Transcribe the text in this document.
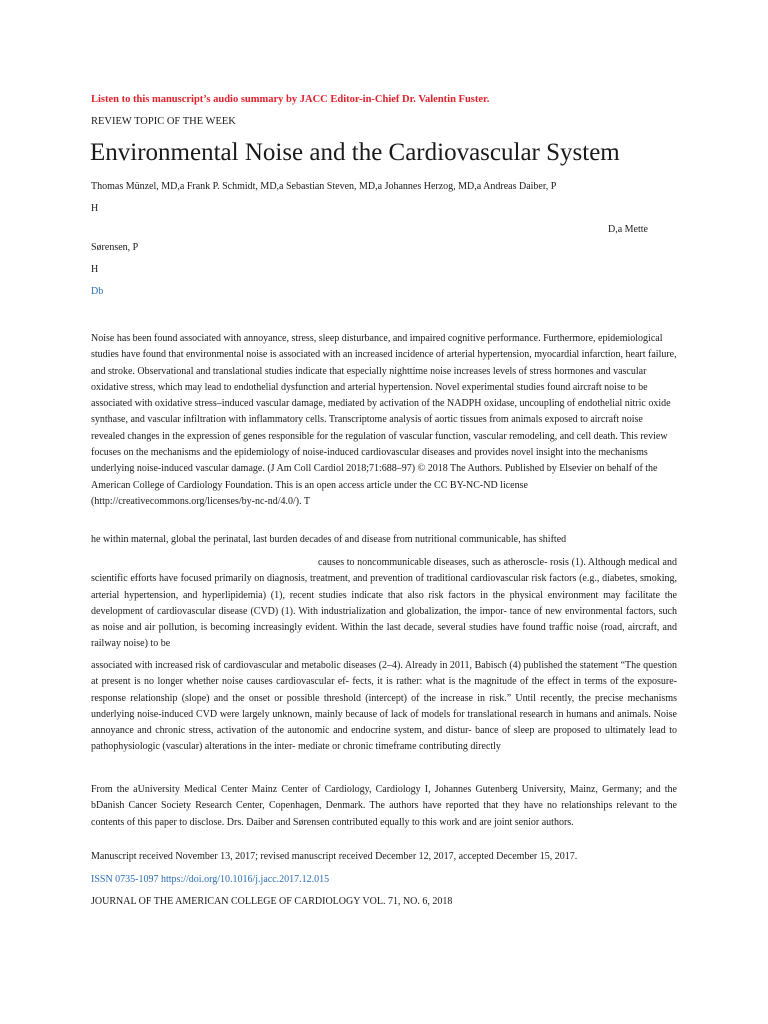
Listen to this manuscript’s audio summary by JACC Editor-in-Chief Dr. Valentin Fuster.
REVIEW TOPIC OF THE WEEK
Environmental Noise and the Cardiovascular System
Thomas Münzel, MD,a Frank P. Schmidt, MD,a Sebastian Steven, MD,a Johannes Herzog, MD,a Andreas Daiber, P
H
D,a Mette
Sørensen, P
H
Db

Noise has been found associated with annoyance, stress, sleep disturbance, and impaired cognitive performance. Furthermore, epidemiological studies have found that environmental noise is associated with an increased incidence of arterial hypertension, myocardial infarction, heart failure, and stroke. Observational and translational studies indicate that especially nighttime noise increases levels of stress hormones and vascular oxidative stress, which may lead to endothelial dysfunction and arterial hypertension. Novel experimental studies found aircraft noise to be associated with oxidative stress–induced vascular damage, mediated by activation of the NADPH oxidase, uncoupling of endothelial nitric oxide synthase, and vascular infiltration with inflammatory cells. Transcriptome analysis of aortic tissues from animals exposed to aircraft noise revealed changes in the expression of genes responsible for the regulation of vascular function, vascular remodeling, and cell death. This review focuses on the mechanisms and the epidemiology of noise-induced cardiovascular diseases and provides novel insight into the mechanisms underlying noise-induced vascular damage. (J Am Coll Cardiol 2018;71:688–97) © 2018 The Authors. Published by Elsevier on behalf of the American College of Cardiology Foundation. This is an open access article under the CC BY-NC-ND license (http://creativecommons.org/licenses/by-nc-nd/4.0/). T

he within maternal, global the perinatal, last burden decades of and disease from nutritional communicable, has shifted

causes to noncommunicable diseases, such as atheroscle- rosis (1). Although medical and scientific efforts have focused primarily on diagnosis, treatment, and prevention of traditional cardiovascular risk factors (e.g., diabetes, smoking, arterial hypertension, and hyperlipidemia) (1), recent studies indicate that also risk factors in the physical environment may facilitate the development of cardiovascular disease (CVD) (1). With industrialization and globalization, the impor- tance of new environmental factors, such as noise and air pollution, is becoming increasingly evident. Within the last decade, several studies have found traffic noise (road, aircraft, and railway noise) to be

associated with increased risk of cardiovascular and metabolic diseases (2–4). Already in 2011, Babisch (4) published the statement “The question at present is no longer whether noise causes cardiovascular ef- fects, it is rather: what is the magnitude of the effect in terms of the exposure-response relationship (slope) and the onset or possible threshold (intercept) of the increase in risk.” Until recently, the precise mechanisms underlying noise-induced CVD were largely unknown, mainly because of lack of models for translational research in humans and animals. Noise annoyance and chronic stress, activation of the autonomic and endocrine system, and distur- bance of sleep are proposed to ultimately lead to pathophysiologic (vascular) alterations in the inter- mediate or chronic timeframe contributing directly

From the aUniversity Medical Center Mainz Center of Cardiology, Cardiology I, Johannes Gutenberg University, Mainz, Germany; and the bDanish Cancer Society Research Center, Copenhagen, Denmark. The authors have reported that they have no relationships relevant to the contents of this paper to disclose. Drs. Daiber and Sørensen contributed equally to this work and are joint senior authors.

Manuscript received November 13, 2017; revised manuscript received December 12, 2017, accepted December 15, 2017.
ISSN 0735-1097 https://doi.org/10.1016/j.jacc.2017.12.015
JOURNAL OF THE AMERICAN COLLEGE OF CARDIOLOGY VOL. 71, NO. 6, 2018
